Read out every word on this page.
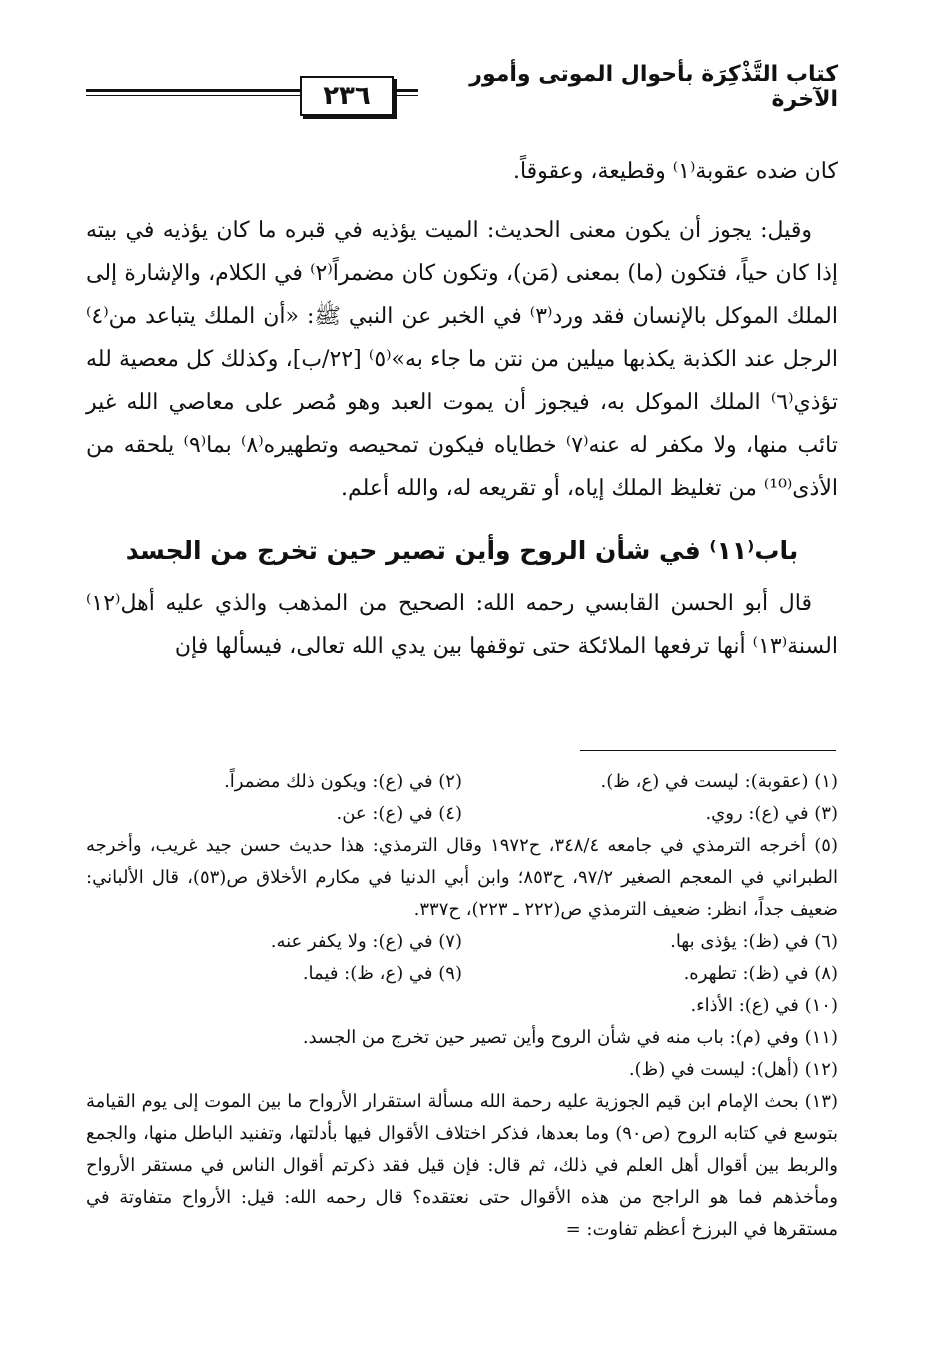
كتاب التَّذْكِرَة بأحوال الموتى وأمور الآخرة
٢٣٦

كان ضده عقوبة⁽١⁾ وقطيعة، وعقوقاً.

وقيل: يجوز أن يكون معنى الحديث: الميت يؤذيه في قبره ما كان يؤذيه في بيته إذا كان حياً، فتكون (ما) بمعنى (مَن)، وتكون كان مضمراً⁽٢⁾ في الكلام، والإشارة إلى الملك الموكل بالإنسان فقد ورد⁽٣⁾ في الخبر عن النبي ﷺ: «أن الملك يتباعد من⁽٤⁾ الرجل عند الكذبة يكذبها ميلين من نتن ما جاء به»⁽٥⁾ [٢٢/ب]، وكذلك كل معصية لله تؤذي⁽٦⁾ الملك الموكل به، فيجوز أن يموت العبد وهو مُصر على معاصي الله غير تائب منها، ولا مكفر له عنه⁽٧⁾ خطاياه فيكون تمحيصه وتطهيره⁽٨⁾ بما⁽٩⁾ يلحقه من الأذى⁽¹⁰⁾ من تغليظ الملك إياه، أو تقريعه له، والله أعلم.

باب⁽١١⁾ في شأن الروح وأين تصير حين تخرج من الجسد

قال أبو الحسن القابسي رحمه الله: الصحيح من المذهب والذي عليه أهل⁽١٢⁾ السنة⁽١٣⁾ أنها ترفعها الملائكة حتى توقفها بين يدي الله تعالى، فيسألها فإن

(١) (عقوبة): ليست في (ع، ظ).
(٢) في (ع): ويكون ذلك مضمراً.
(٣) في (ع): روي.
(٤) في (ع): عن.
(٥) أخرجه الترمذي في جامعه ٣٤٨/٤، ح١٩٧٢ وقال الترمذي: هذا حديث حسن جيد غريب، وأخرجه الطبراني في المعجم الصغير ٩٧/٢، ح٨٥٣؛ وابن أبي الدنيا في مكارم الأخلاق ص(٥٣)، قال الألباني: ضعيف جداً، انظر: ضعيف الترمذي ص(٢٢٢ ـ ٢٢٣)، ح٣٣٧.
(٦) في (ظ): يؤذى بها.
(٧) في (ع): ولا يكفر عنه.
(٨) في (ظ): تطهره.
(٩) في (ع، ظ): فيما.
(١٠) في (ع): الأذاء.
(١١) وفي (م): باب منه في شأن الروح وأين تصير حين تخرج من الجسد.
(١٢) (أهل): ليست في (ظ).
(١٣) بحث الإمام ابن قيم الجوزية عليه رحمة الله مسألة استقرار الأرواح ما بين الموت إلى يوم القيامة بتوسع في كتابه الروح (ص٩٠) وما بعدها، فذكر اختلاف الأقوال فيها بأدلتها، وتفنيد الباطل منها، والجمع والربط بين أقوال أهل العلم في ذلك، ثم قال: فإن قيل فقد ذكرتم أقوال الناس في مستقر الأرواح ومأخذهم فما هو الراجح من هذه الأقوال حتى نعتقده؟ قال رحمه الله: قيل: الأرواح متفاوتة في مستقرها في البرزخ أعظم تفاوت: =
